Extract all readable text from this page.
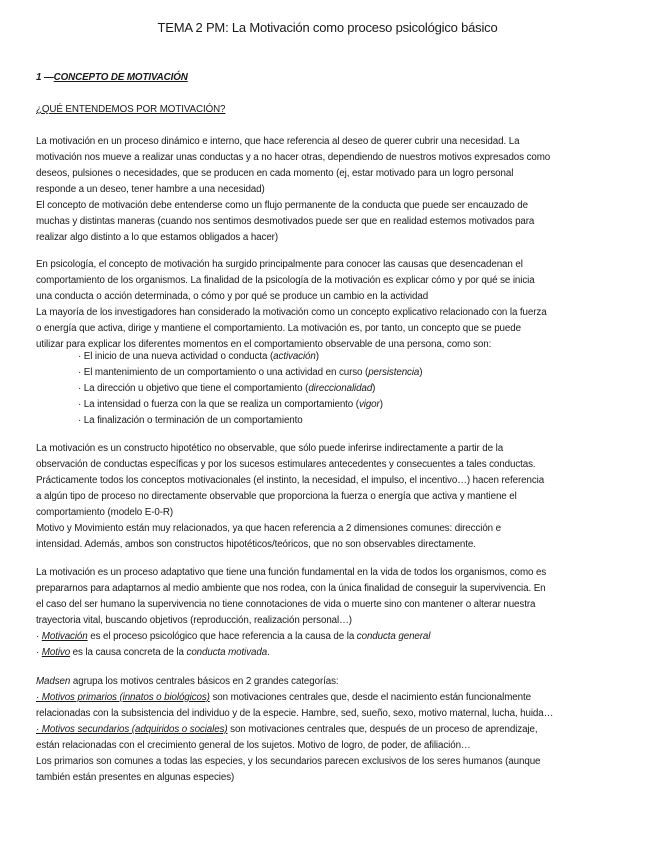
TEMA 2 PM: La Motivación como proceso psicológico básico
1 —CONCEPTO DE MOTIVACIÓN
¿QUÉ ENTENDEMOS POR MOTIVACIÓN?
La motivación en un proceso dinámico e interno, que hace referencia al deseo de querer cubrir una necesidad. La
motivación nos mueve a realizar unas conductas y a no hacer otras, dependiendo de nuestros motivos expresados como
deseos, pulsiones o necesidades, que se producen en cada momento (ej, estar motivado para un logro personal
responde a un deseo, tener hambre a una necesidad)
El concepto de motivación debe entenderse como un flujo permanente de la conducta que puede ser encauzado de
muchas y distintas maneras (cuando nos sentimos desmotivados puede ser que en realidad estemos motivados para
realizar algo distinto a lo que estamos obligados a hacer)
En psicología, el concepto de motivación ha surgido principalmente para conocer las causas que desencadenan el
comportamiento de los organismos. La finalidad de la psicología de la motivación es explicar cómo y por qué se inicia
una conducta o acción determinada, o cómo y por qué se produce un cambio en la actividad
La mayoría de los investigadores han considerado la motivación como un concepto explicativo relacionado con la fuerza
o energía que activa, dirige y mantiene el comportamiento. La motivación es, por tanto, un concepto que se puede
utilizar para explicar los diferentes momentos en el comportamiento observable de una persona, como son:
· El inicio de una nueva actividad o conducta (activación)
· El mantenimiento de un comportamiento o una actividad en curso (persistencia)
· La dirección u objetivo que tiene el comportamiento (direccionalidad)
· La intensidad o fuerza con la que se realiza un comportamiento (vigor)
· La finalización o terminación de un comportamiento
La motivación es un constructo hipotético no observable, que sólo puede inferirse indirectamente a partir de la
observación de conductas específicas y por los sucesos estimulares antecedentes y consecuentes a tales conductas.
Prácticamente todos los conceptos motivacionales (el instinto, la necesidad, el impulso, el incentivo…) hacen referencia
a algún tipo de proceso no directamente observable que proporciona la fuerza o energía que activa y mantiene el
comportamiento (modelo E-0-R)
Motivo y Movimiento están muy relacionados, ya que hacen referencia a 2 dimensiones comunes: dirección e
intensidad. Además, ambos son constructos hipotéticos/teóricos, que no son observables directamente.
La motivación es un proceso adaptativo que tiene una función fundamental en la vida de todos los organismos, como es
prepararnos para adaptarnos al medio ambiente que nos rodea, con la única finalidad de conseguir la supervivencia. En
el caso del ser humano la supervivencia no tiene connotaciones de vida o muerte sino con mantener o alterar nuestra
trayectoria vital, buscando objetivos (reproducción, realización personal…)
· Motivación es el proceso psicológico que hace referencia a la causa de la conducta general
· Motivo es la causa concreta de la conducta motivada.
Madsen agrupa los motivos centrales básicos en 2 grandes categorías:
· Motivos primarios (innatos o biológicos) son motivaciones centrales que, desde el nacimiento están funcionalmente
relacionadas con la subsistencia del individuo y de la especie. Hambre, sed, sueño, sexo, motivo maternal, lucha, huida…
· Motivos secundarios (adquiridos o sociales) son motivaciones centrales que, después de un proceso de aprendizaje,
están relacionadas con el crecimiento general de los sujetos. Motivo de logro, de poder, de afiliación…
Los primarios son comunes a todas las especies, y los secundarios parecen exclusivos de los seres humanos (aunque
también están presentes en algunas especies)
